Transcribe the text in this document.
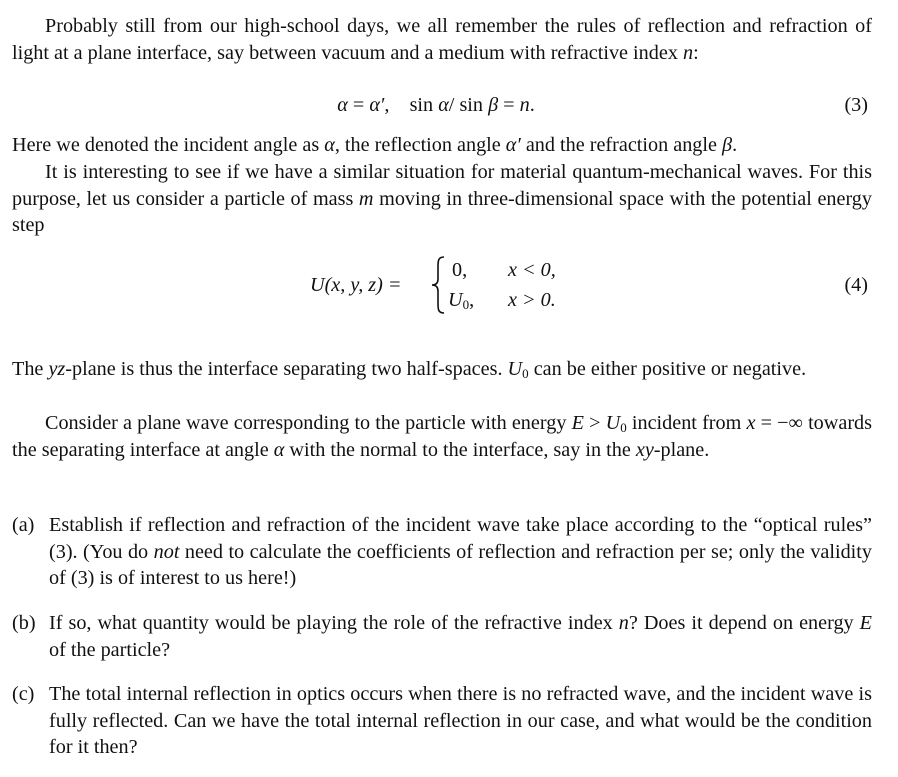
Probably still from our high-school days, we all remember the rules of reflection and refraction of light at a plane interface, say between vacuum and a medium with refractive index n:

α = α′,    sin α/ sin β = n.	(3)

Here we denoted the incident angle as α, the reflection angle α′ and the refraction angle β.

It is interesting to see if we have a similar situation for material quantum-mechanical waves. For this purpose, let us consider a particle of mass m moving in three-dimensional space with the potential energy step

U(x, y, z) =
0, x < 0,
$U_0$, x > 0.
(4)

The yz-plane is thus the interface separating two half-spaces. $U_0$ can be either positive or negative.

Consider a plane wave corresponding to the particle with energy $E > U_0$ incident from x = −∞ towards the separating interface at angle α with the normal to the interface, say in the xy-plane.

(a) Establish if reflection and refraction of the incident wave take place according to the “optical rules” (3). (You do not need to calculate the coefficients of reflection and refraction per se; only the validity of (3) is of interest to us here!)
(b) If so, what quantity would be playing the role of the refractive index n? Does it depend on energy E of the particle?
(c) The total internal reflection in optics occurs when there is no refracted wave, and the incident wave is fully reflected. Can we have the total internal reflection in our case, and what would be the condition for it then?
